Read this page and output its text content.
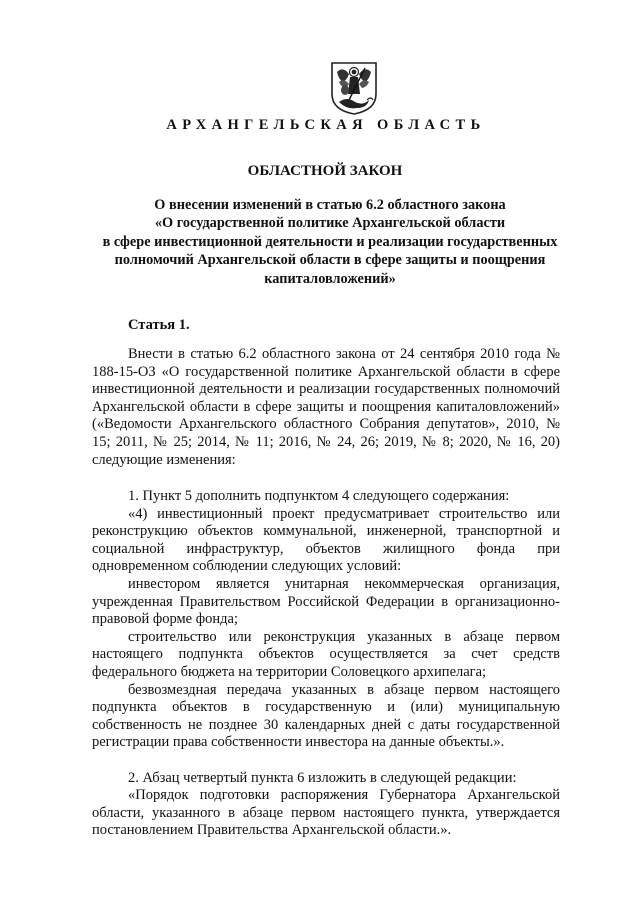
АРХАНГЕЛЬСКАЯ ОБЛАСТЬ
ОБЛАСТНОЙ ЗАКОН
О внесении изменений в статью 6.2 областного закона
«О государственной политике Архангельской области
в сфере инвестиционной деятельности и реализации государственных
полномочий Архангельской области в сфере защиты и поощрения
капиталовложений»
Статья 1.

Внести в статью 6.2 областного закона от 24 сентября 2010 года № 188-15-ОЗ «О государственной политике Архангельской области в сфере инвестиционной деятельности и реализации государственных полномочий Архангельской области в сфере защиты и поощрения капиталовложений» («Ведомости Архангельского областного Собрания депутатов», 2010, № 15; 2011, № 25; 2014, № 11; 2016, № 24, 26; 2019, № 8; 2020, № 16, 20) следующие изменения:

1. Пункт 5 дополнить подпунктом 4 следующего содержания:

«4) инвестиционный проект предусматривает строительство или реконструкцию объектов коммунальной, инженерной, транспортной и социальной инфраструктур, объектов жилищного фонда при одновременном соблюдении следующих условий:

инвестором является унитарная некоммерческая организация, учрежденная Правительством Российской Федерации в организационно-правовой форме фонда;

строительство или реконструкция указанных в абзаце первом настоящего подпункта объектов осуществляется за счет средств федерального бюджета на территории Соловецкого архипелага;

безвозмездная передача указанных в абзаце первом настоящего подпункта объектов в государственную и (или) муниципальную собственность не позднее 30 календарных дней с даты государственной регистрации права собственности инвестора на данные объекты.».

2. Абзац четвертый пункта 6 изложить в следующей редакции:

«Порядок подготовки распоряжения Губернатора Архангельской области, указанного в абзаце первом настоящего пункта, утверждается постановлением Правительства Архангельской области.».
